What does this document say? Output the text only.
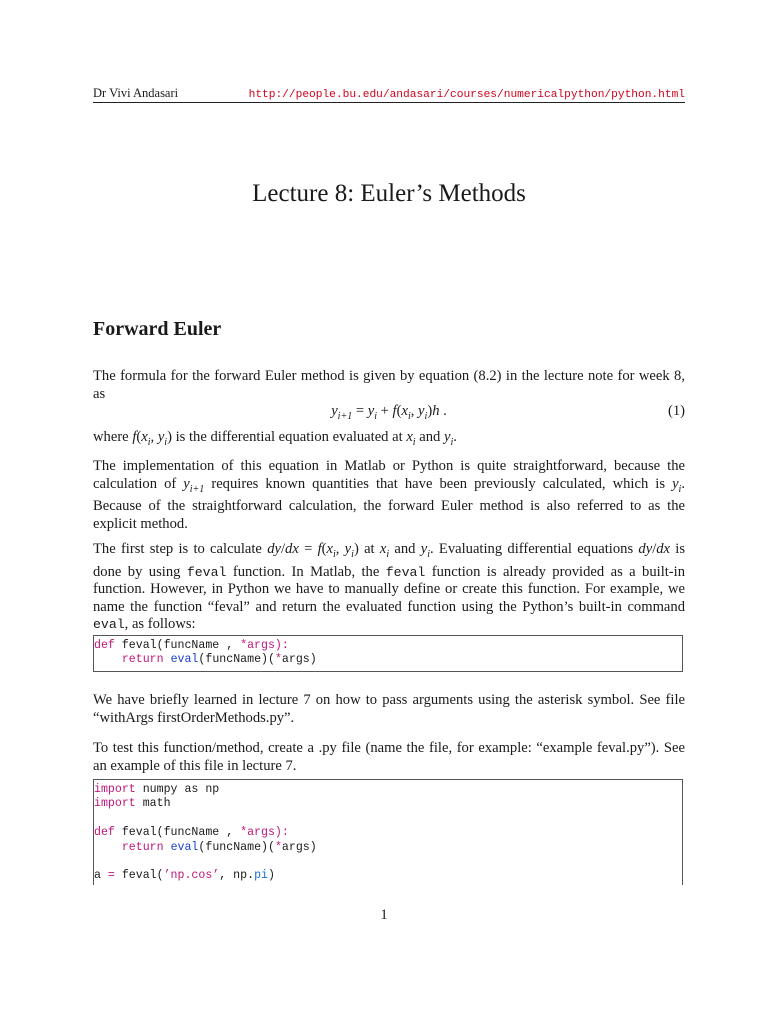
Dr Vivi Andasari	http://people.bu.edu/andasari/courses/numericalpython/python.html
Lecture 8: Euler’s Methods
Forward Euler

The formula for the forward Euler method is given by equation (8.2) in the lecture note for week 8, as

$y_{i+1} = y_i + f(x_i$, $y_i)h$ .	(1)

where $f(x_i$, $y_i$) is the differential equation evaluated at $x_i$ and $y_i$.

The implementation of this equation in Matlab or Python is quite straightforward, because the calculation of $y_{i+1}$ requires known quantities that have been previously calculated, which is $y_i$. Because of the straightforward calculation, the forward Euler method is also referred to as the explicit method.

The first step is to calculate $dy/dx = f(x_i$, $y_i$) at $x_i$ and $y_i$. Evaluating differential equations dy/dx is done by using feval function. In Matlab, the feval function is already provided as a built-in function. However, in Python we have to manually define or create this function. For example, we name the function “feval” and return the evaluated function using the Python’s built-in command eval, as follows:

def feval(funcName , *args):
return eval(funcName)(*args)

We have briefly learned in lecture 7 on how to pass arguments using the asterisk symbol. See file “withArgs firstOrderMethods.py”.

To test this function/method, create a .py file (name the file, for example: “example feval.py”). See an example of this file in lecture 7.

import numpy as np
import math
def feval(funcName , *args):
return eval(funcName)(*args)
a = feval(’np.cos’, np.pi)
1
